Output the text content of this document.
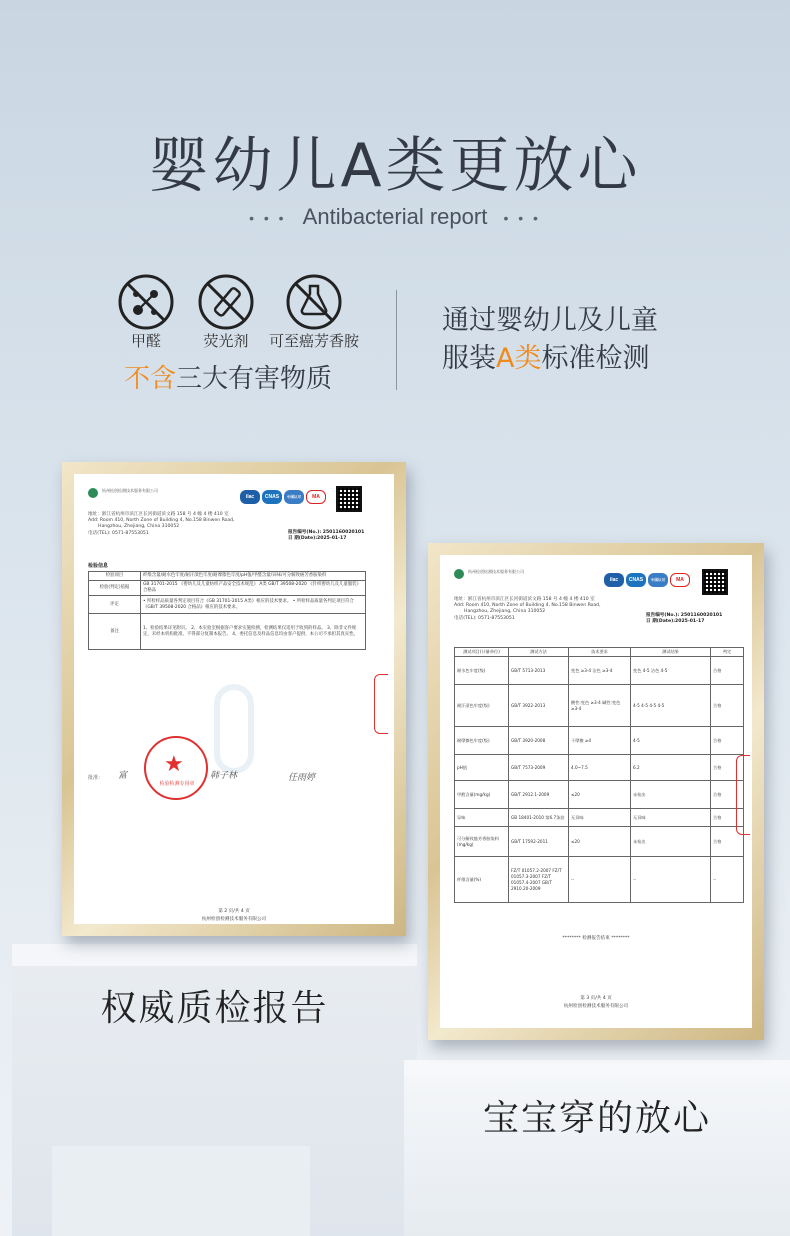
婴幼儿A类更放心
• • • Antibacterial report • • •
甲醛	荧光剂	可至癌芳香胺
不含三大有害物质
通过婴幼儿及儿童
服装A类标准检测
杭州检创检测技术服务有限公司
ilac	CNAS	中国认可	MA
地址：浙江省杭州市滨江区长河街道滨文路 158 号 4 幢 4 楼 410 室
Add: Room 410, North Zone of Building 4, No.158 Binwen Road,
Hangzhou, Zhejiang, China 310052
电话(TEL): 0571-87553051	报告编号(No.): 2501160020101
日 期(Date):2025-01-17
检验信息
检验项目	纤维含量/耐水色牢度/耐汗渍色牢度/耐摩擦色牢度/pH值/甲醛含量/异味/可分解致癌芳香胺染料
检验(判定)依据	GB 31701-2015 《婴幼儿及儿童纺织产品安全技术规范》 A类 GB/T 39508-2020 《针织婴幼儿及儿童服装》 合格品
评定	• 所检样品质量各判定项目符合《GB 31701-2015 A类》相应的技术要求。 • 所检样品质量各判定项目符合《GB/T 39508-2020 合格品》相应的技术要求。
备注	1、检验结果详见附页。 2、本实验室根据客户要求实施检测，检测结果仅适用于收到的样品。 3、除非文件规定，未经本机构批准，不得部分复制本报告。 4、委托信息及样品信息均由客户提供，本公司不承担其真实性。
批准： 富 ★
检验检测专用章
韩子林	任雨婷
第 2 页/共 4 页
杭州检创检测技术服务有限公司
杭州检创检测技术服务有限公司
ilac	CNAS	中国认可	MA
地址：浙江省杭州市滨江区长河街道滨文路 158 号 4 幢 4 楼 410 室
Add: Room 410, North Zone of Building 4, No.158 Binwen Road,
Hangzhou, Zhejiang, China 310052
电话(TEL): 0571-87553051
报告编号(No.): 2501160020101
日 期(Date):2025-01-17
测试项目(计量单位)	测试方法	技术要求	测试结果	判定
耐水色牢度(级)	GB/T 5713-2013	变色 ≥3-4 沾色 ≥3-4	变色 4-5 沾色 4-5	合格
耐汗渍色牢度(级)	GB/T 3922-2013	酸性:变色 ≥3-4 碱性:变色 ≥3-4	4-5 4-5 4-5 4-5	合格
耐摩擦色牢度(级)	GB/T 3920-2008	干摩擦 ≥4	4-5	合格
pH值	GB/T 7573-2009	4.0~7.5	6.2	合格
甲醛含量(mg/kg)	GB/T 2912.1-2009	≤20	未检出	合格
异味	GB 18401-2010 第6.7条款	无异味	无异味	合格
可分解致癌芳香胺染料(mg/kg)	GB/T 17592-2011	≤20	未检出	合格
纤维含量(%)	FZ/T 01057.2-2007 FZ/T 01057.3-2007 FZ/T 01057.4-2007 GB/T 2910.20-2009	--	--	--
******** 检测报告结束 ********
第 3 页/共 4 页
杭州检创检测技术服务有限公司
权威质检报告
宝宝穿的放心
